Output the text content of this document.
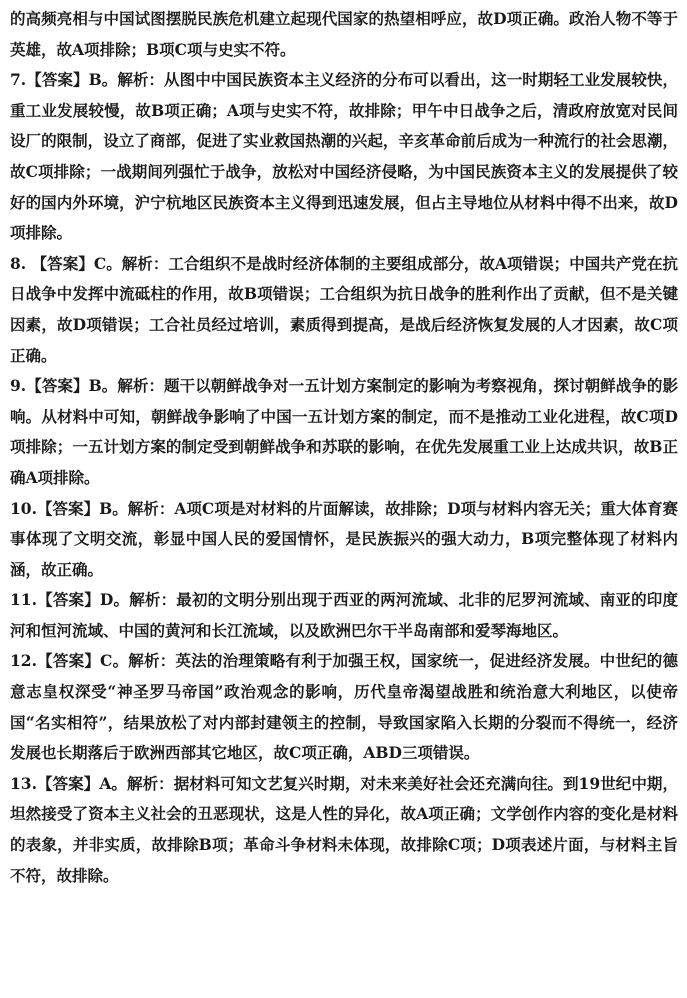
的高频亮相与中国试图摆脱民族危机建立起现代国家的热望相呼应，故D项正确。政治人物不等于英雄，故A项排除；B项C项与史实不符。

7.【答案】B。解析：从图中中国民族资本主义经济的分布可以看出，这一时期轻工业发展较快，重工业发展较慢，故B项正确；A项与史实不符，故排除；甲午中日战争之后，清政府放宽对民间设厂的限制，设立了商部，促进了实业救国热潮的兴起，辛亥革命前后成为一种流行的社会思潮，故C项排除；一战期间列强忙于战争，放松对中国经济侵略，为中国民族资本主义的发展提供了较好的国内外环境，沪宁杭地区民族资本主义得到迅速发展，但占主导地位从材料中得不出来，故D项排除。

8. 【答案】C。解析：工合组织不是战时经济体制的主要组成部分，故A项错误；中国共产党在抗日战争中发挥中流砥柱的作用，故B项错误；工合组织为抗日战争的胜利作出了贡献，但不是关键因素，故D项错误；工合社员经过培训，素质得到提高，是战后经济恢复发展的人才因素，故C项正确。

9.【答案】B。解析：题干以朝鲜战争对一五计划方案制定的影响为考察视角，探讨朝鲜战争的影响。从材料中可知，朝鲜战争影响了中国一五计划方案的制定，而不是推动工业化进程，故C项D项排除；一五计划方案的制定受到朝鲜战争和苏联的影响，在优先发展重工业上达成共识，故B正确A项排除。

10.【答案】B。解析：A项C项是对材料的片面解读，故排除；D项与材料内容无关；重大体育赛事体现了文明交流，彰显中国人民的爱国情怀，是民族振兴的强大动力，B项完整体现了材料内涵，故正确。

11.【答案】D。解析：最初的文明分别出现于西亚的两河流域、北非的尼罗河流域、南亚的印度河和恒河流域、中国的黄河和长江流域，以及欧洲巴尔干半岛南部和爱琴海地区。

12.【答案】C。解析：英法的治理策略有利于加强王权，国家统一，促进经济发展。中世纪的德意志皇权深受“神圣罗马帝国”政治观念的影响，历代皇帝渴望战胜和统治意大利地区，以使帝国“名实相符”，结果放松了对内部封建领主的控制，导致国家陷入长期的分裂而不得统一，经济发展也长期落后于欧洲西部其它地区，故C项正确，ABD三项错误。

13.【答案】A。解析：据材料可知文艺复兴时期，对未来美好社会还充满向往。到19世纪中期，坦然接受了资本主义社会的丑恶现状，这是人性的异化，故A项正确；文学创作内容的变化是材料的表象，并非实质，故排除B项；革命斗争材料未体现，故排除C项；D项表述片面，与材料主旨不符，故排除。
